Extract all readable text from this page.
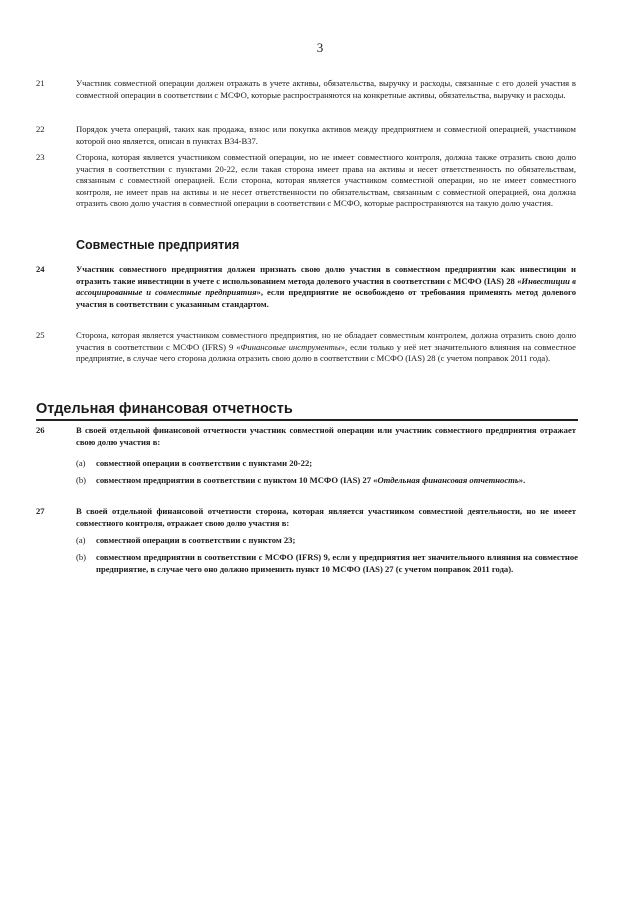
3
21	Участник совместной операции должен отражать в учете активы, обязательства, выручку и расходы, связанные с его долей участия в совместной операции в соответствии с МСФО, которые распространяются на конкретные активы, обязательства, выручку и расходы.
22	Порядок учета операций, таких как продажа, взнос или покупка активов между предприятием и совместной операцией, участником которой оно является, описан в пунктах B34-B37.
23	Сторона, которая является участником совместной операции, но не имеет совместного контроля, должна также отразить свою долю участия в соответствии с пунктами 20-22, если такая сторона имеет права на активы и несет ответственность по обязательствам, связанным с совместной операцией. Если сторона, которая является участником совместной операции, но не имеет совместного контроля, не имеет прав на активы и не несет ответственности по обязательствам, связанным с совместной операцией, она должна отразить свою долю участия в совместной операции в соответствии с МСФО, которые распространяются на такую долю участия.
Совместные предприятия
24	Участник совместного предприятия должен признать свою долю участия в совместном предприятии как инвестиции и отразить такие инвестиции в учете с использованием метода долевого участия в соответствии с МСФО (IAS) 28 «Инвестиции в ассоциированные и совместные предприятия», если предприятие не освобождено от требования применять метод долевого участия в соответствии с указанным стандартом.
25	Сторона, которая является участником совместного предприятия, но не обладает совместным контролем, должна отразить свою долю участия в соответствии с МСФО (IFRS) 9 «Финансовые инструменты», если только у неё нет значительного влияния на совместное предприятие, в случае чего сторона должна отразить свою долю в соответствии с МСФО (IAS) 28 (с учетом поправок 2011 года).
Отдельная финансовая отчетность
26	В своей отдельной финансовой отчетности участник совместной операции или участник совместного предприятия отражает свою долю участия в:
(a)	совместной операции в соответствии с пунктами 20-22;
(b)	совместном предприятии в соответствии с пунктом 10 МСФО (IAS) 27 «Отдельная финансовая отчетность».
27	В своей отдельной финансовой отчетности сторона, которая является участником совместной деятельности, но не имеет совместного контроля, отражает свою долю участия в:
(a)	совместной операции в соответствии с пунктом 23;
(b)	совместном предприятии в соответствии с МСФО (IFRS) 9, если у предприятия нет значительного влияния на совместное предприятие, в случае чего оно должно применить пункт 10 МСФО (IAS) 27 (с учетом поправок 2011 года).
